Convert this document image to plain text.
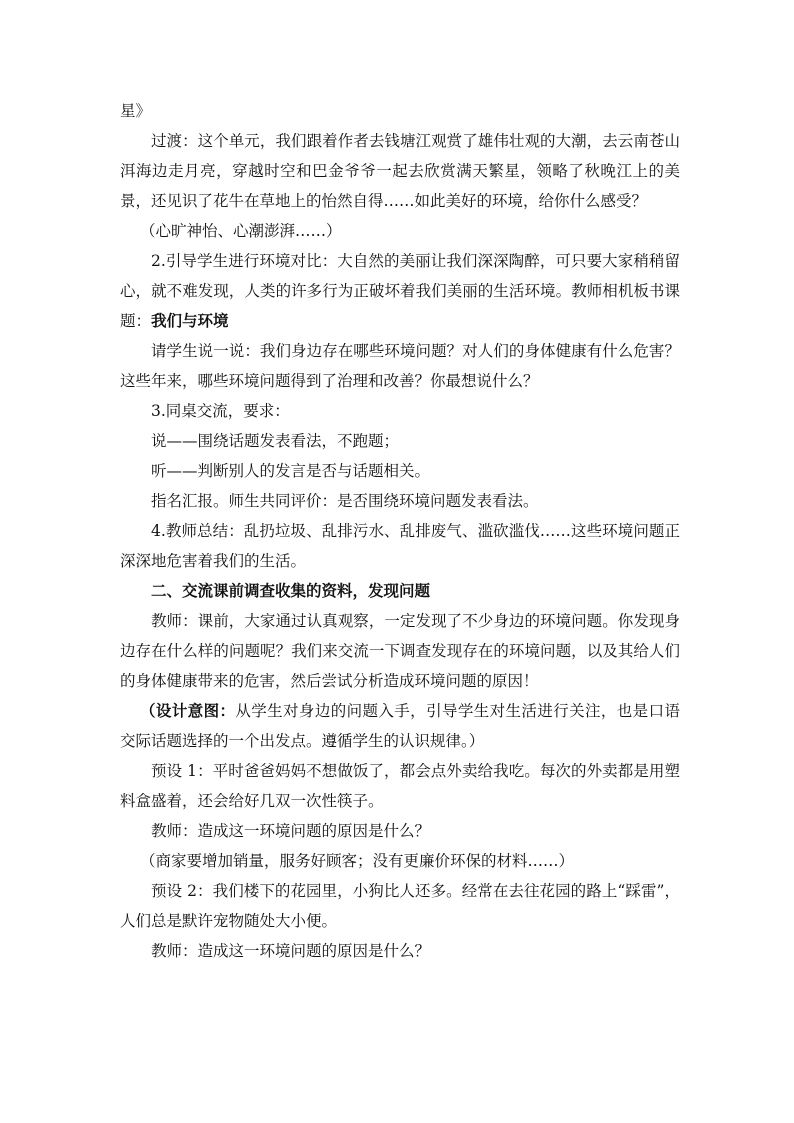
星》

过渡：这个单元，我们跟着作者去钱塘江观赏了雄伟壮观的大潮，去云南苍山洱海边走月亮，穿越时空和巴金爷爷一起去欣赏满天繁星，领略了秋晚江上的美景，还见识了花牛在草地上的怡然自得……如此美好的环境，给你什么感受？

（心旷神怡、心潮澎湃……）

2.引导学生进行环境对比：大自然的美丽让我们深深陶醉，可只要大家稍稍留心，就不难发现，人类的许多行为正破坏着我们美丽的生活环境。教师相机板书课题：我们与环境

请学生说一说：我们身边存在哪些环境问题？对人们的身体健康有什么危害？这些年来，哪些环境问题得到了治理和改善？你最想说什么？

3.同桌交流，要求：

说——围绕话题发表看法，不跑题；

听——判断别人的发言是否与话题相关。

指名汇报。师生共同评价：是否围绕环境问题发表看法。

4.教师总结：乱扔垃圾、乱排污水、乱排废气、滥砍滥伐……这些环境问题正深深地危害着我们的生活。

二、交流课前调查收集的资料，发现问题

教师：课前，大家通过认真观察，一定发现了不少身边的环境问题。你发现身边存在什么样的问题呢？我们来交流一下调查发现存在的环境问题，以及其给人们的身体健康带来的危害，然后尝试分析造成环境问题的原因！

（设计意图：从学生对身边的问题入手，引导学生对生活进行关注，也是口语交际话题选择的一个出发点。遵循学生的认识规律。）

预设 1：平时爸爸妈妈不想做饭了，都会点外卖给我吃。每次的外卖都是用塑料盒盛着，还会给好几双一次性筷子。

教师：造成这一环境问题的原因是什么？

（商家要增加销量，服务好顾客；没有更廉价环保的材料……）

预设 2：我们楼下的花园里，小狗比人还多。经常在去往花园的路上“踩雷”，人们总是默许宠物随处大小便。

教师：造成这一环境问题的原因是什么？
